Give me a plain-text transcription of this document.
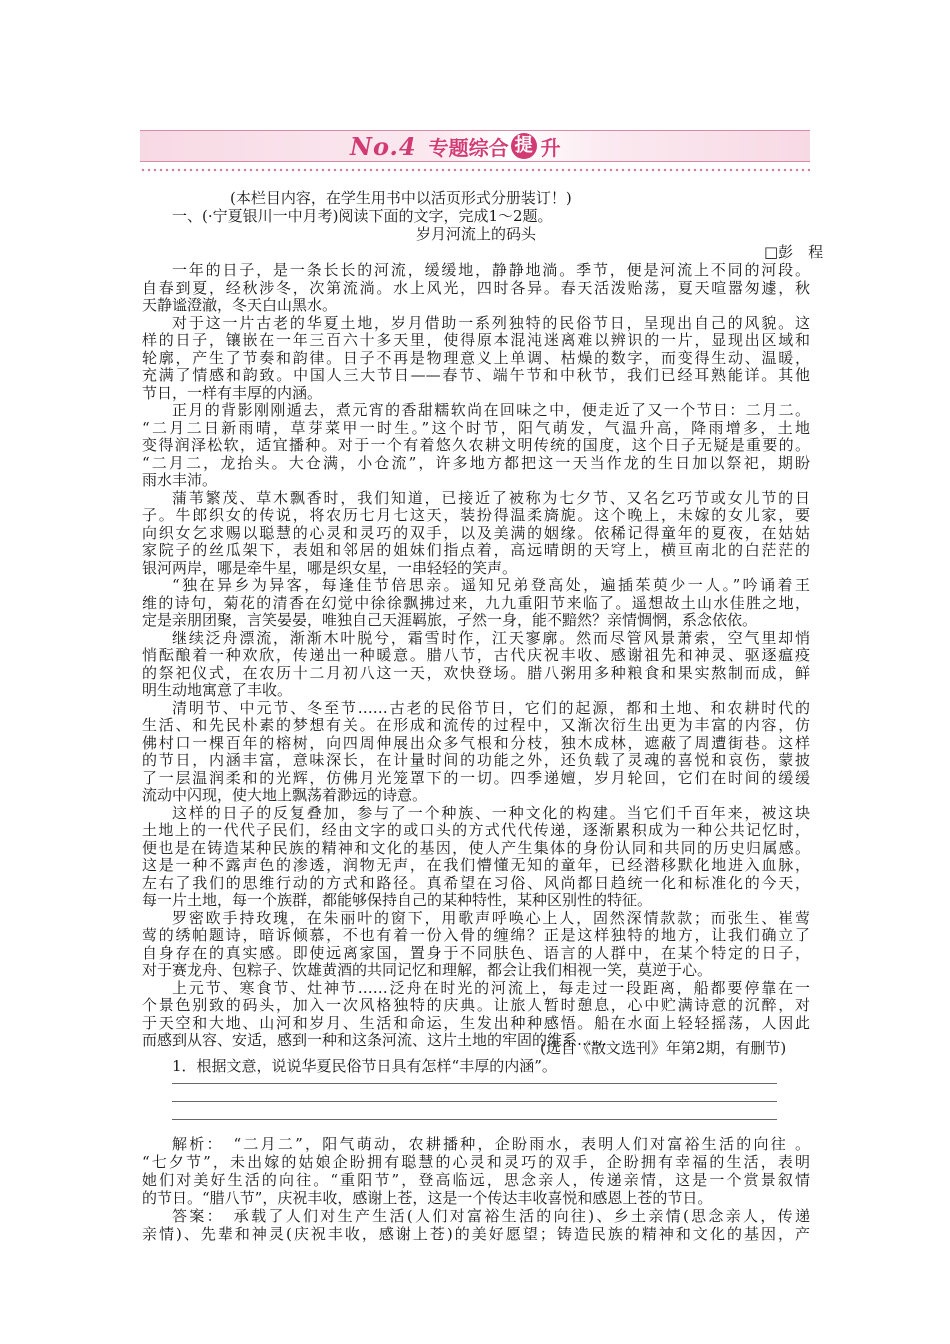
No.4 专题综合 提 升
(本栏目内容，在学生用书中以活页形式分册装订！)
一、(·宁夏银川一中月考)阅读下面的文字，完成1～2题。
岁月河流上的码头
□彭　程
一年的日子，是一条长长的河流，缓缓地，静静地淌。季节，便是河流上不同的河段。
自春到夏，经秋涉冬，次第流淌。水上风光，四时各异。春天活泼贻荡，夏天喧嚣匆遽，秋
天静谧澄澈，冬天白山黑水。
对于这一片古老的华夏土地，岁月借助一系列独特的民俗节日，呈现出自己的风貌。这
样的日子，镶嵌在一年三百六十多天里，使得原本混沌迷离难以辨识的一片，显现出区域和
轮廓，产生了节奏和韵律。日子不再是物理意义上单调、枯燥的数字，而变得生动、温暖，
充满了情感和韵致。中国人三大节日——春节、端午节和中秋节，我们已经耳熟能详。其他
节日，一样有丰厚的内涵。
正月的背影刚刚遁去，煮元宵的香甜糯软尚在回味之中，便走近了又一个节日：二月二。
“二月二日新雨晴，草芽菜甲一时生。”这个时节，阳气萌发，气温升高，降雨增多，土地
变得润泽松软，适宜播种。对于一个有着悠久农耕文明传统的国度，这个日子无疑是重要的。
“二月二，龙抬头。大仓满，小仓流”，许多地方都把这一天当作龙的生日加以祭祀，期盼
雨水丰沛。
蒲苇繁茂、草木飘香时，我们知道，已接近了被称为七夕节、又名乞巧节或女儿节的日
子。牛郎织女的传说，将农历七月七这天，装扮得温柔旖旎。这个晚上，未嫁的女儿家，要
向织女乞求赐以聪慧的心灵和灵巧的双手，以及美满的姻缘。依稀记得童年的夏夜，在姑姑
家院子的丝瓜架下，表姐和邻居的姐妹们指点着，高远晴朗的天穹上，横亘南北的白茫茫的
银河两岸，哪是牵牛星，哪是织女星，一串轻轻的笑声。
“独在异乡为异客，每逢佳节倍思亲。遥知兄弟登高处，遍插茱萸少一人。”吟诵着王
维的诗句，菊花的清香在幻觉中徐徐飘拂过来，九九重阳节来临了。遥想故土山水佳胜之地，
定是亲朋团聚，言笑晏晏，唯独自己天涯羁旅，孑然一身，能不黯然？亲情惆惘，系念依依。
继续泛舟漂流，渐渐木叶脱兮，霜雪时作，江天寥廓。然而尽管风景萧索，空气里却悄
悄酝酿着一种欢欣，传递出一种暖意。腊八节，古代庆祝丰收、感谢祖先和神灵、驱逐瘟疫
的祭祀仪式，在农历十二月初八这一天，欢快登场。腊八粥用多种粮食和果实熬制而成，鲜
明生动地寓意了丰收。
清明节、中元节、冬至节……古老的民俗节日，它们的起源，都和土地、和农耕时代的
生活、和先民朴素的梦想有关。在形成和流传的过程中，又渐次衍生出更为丰富的内容，仿
佛村口一棵百年的榕树，向四周伸展出众多气根和分枝，独木成林，遮蔽了周遭街巷。这样
的节日，内涵丰富，意味深长，在计量时间的功能之外，还负载了灵魂的喜悦和哀伤，蒙披
了一层温润柔和的光辉，仿佛月光笼罩下的一切。四季递嬗，岁月轮回，它们在时间的缓缓
流动中闪现，使大地上飘荡着渺远的诗意。
这样的日子的反复叠加，参与了一个种族、一种文化的构建。当它们千百年来，被这块
土地上的一代代子民们，经由文字的或口头的方式代代传递，逐渐累积成为一种公共记忆时，
便也是在铸造某种民族的精神和文化的基因，使人产生集体的身份认同和共同的历史归属感。
这是一种不露声色的渗透，润物无声，在我们懵懂无知的童年，已经潜移默化地进入血脉，
左右了我们的思维行动的方式和路径。真希望在习俗、风尚都日趋统一化和标准化的今天，
每一片土地，每一个族群，都能够保持自己的某种特性，某种区别性的特征。
罗密欧手持玫瑰，在朱丽叶的窗下，用歌声呼唤心上人，固然深情款款；而张生、崔莺
莺的绣帕题诗，暗诉倾慕，不也有着一份入骨的缠绵？正是这样独特的地方，让我们确立了
自身存在的真实感。即使远离家国，置身于不同肤色、语言的人群中，在某个特定的日子，
对于赛龙舟、包粽子、饮雄黄酒的共同记忆和理解，都会让我们相视一笑，莫逆于心。
上元节、寒食节、灶神节……泛舟在时光的河流上，每走过一段距离，船都要停靠在一
个景色别致的码头，加入一次风格独特的庆典。让旅人暂时憩息，心中贮满诗意的沉醉，对
于天空和大地、山河和岁月、生活和命运，生发出种种感悟。船在水面上轻轻摇荡，人因此
而感到从容、安适，感到一种和这条河流、这片土地的牢固的维系……
(选自《散文选刊》年第2期，有删节)
1．根据文意，说说华夏民俗节日具有怎样“丰厚的内涵”。
解析：　“二月二”，阳气萌动，农耕播种，企盼雨水，表明人们对富裕生活的向往 。
“七夕节”，未出嫁的姑娘企盼拥有聪慧的心灵和灵巧的双手，企盼拥有幸福的生活，表明
她们对美好生活的向往。“重阳节”，登高临远，思念亲人，传递亲情，这是一个赏景叙情
的节日。“腊八节”，庆祝丰收，感谢上苍，这是一个传达丰收喜悦和感恩上苍的节日。
答案：　承载了人们对生产生活(人们对富裕生活的向往)、乡土亲情(思念亲人，传递
亲情)、先辈和神灵(庆祝丰收，感谢上苍)的美好愿望；铸造民族的精神和文化的基因，产
